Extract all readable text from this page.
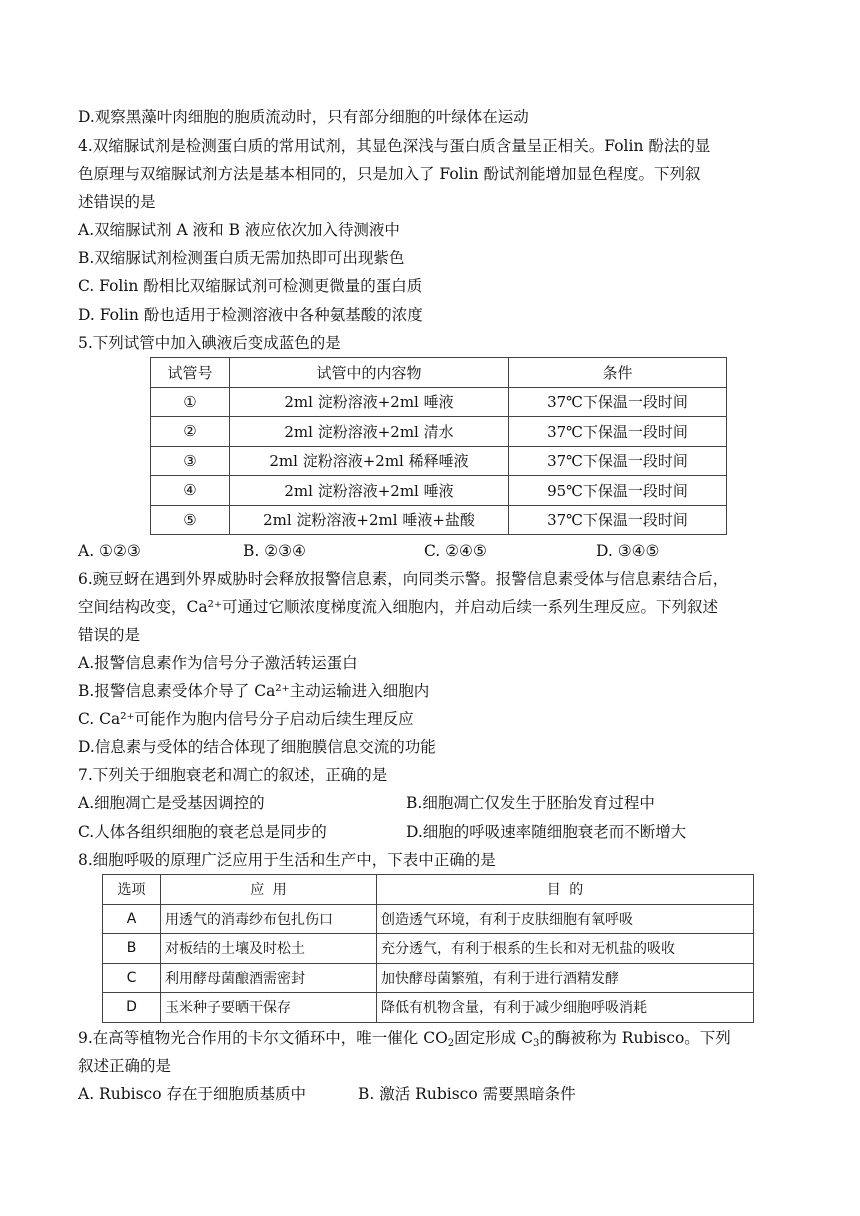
D.观察黑藻叶肉细胞的胞质流动时，只有部分细胞的叶绿体在运动
4.双缩脲试剂是检测蛋白质的常用试剂，其显色深浅与蛋白质含量呈正相关。Folin 酚法的显
色原理与双缩脲试剂方法是基本相同的，只是加入了 Folin 酚试剂能增加显色程度。下列叙
述错误的是
A.双缩脲试剂 A 液和 B 液应依次加入待测液中
B.双缩脲试剂检测蛋白质无需加热即可出现紫色
C. Folin 酚相比双缩脲试剂可检测更微量的蛋白质
D. Folin 酚也适用于检测溶液中各种氨基酸的浓度
5.下列试管中加入碘液后变成蓝色的是
试管号	试管中的内容物	条件
①	2ml 淀粉溶液+2ml 唾液	37℃下保温一段时间
②	2ml 淀粉溶液+2ml 清水	37℃下保温一段时间
③	2ml 淀粉溶液+2ml 稀释唾液	37℃下保温一段时间
④	2ml 淀粉溶液+2ml 唾液	95℃下保温一段时间
⑤	2ml 淀粉溶液+2ml 唾液+盐酸	37℃下保温一段时间
A. ①②③	B. ②③④	C. ②④⑤	D. ③④⑤
6.豌豆蚜在遇到外界威胁时会释放报警信息素，向同类示警。报警信息素受体与信息素结合后，
空间结构改变，Ca²⁺可通过它顺浓度梯度流入细胞内，并启动后续一系列生理反应。下列叙述
错误的是
A.报警信息素作为信号分子激活转运蛋白
B.报警信息素受体介导了 Ca²⁺主动运输进入细胞内
C. Ca²⁺可能作为胞内信号分子启动后续生理反应
D.信息素与受体的结合体现了细胞膜信息交流的功能
7.下列关于细胞衰老和凋亡的叙述，正确的是
A.细胞凋亡是受基因调控的	B.细胞凋亡仅发生于胚胎发育过程中
C.人体各组织细胞的衰老总是同步的	D.细胞的呼吸速率随细胞衰老而不断增大
8.细胞呼吸的原理广泛应用于生活和生产中，下表中正确的是
选项	应 用	目 的
A	用透气的消毒纱布包扎伤口	创造透气环境，有利于皮肤细胞有氧呼吸
B	对板结的土壤及时松土	充分透气，有利于根系的生长和对无机盐的吸收
C	利用酵母菌酿酒需密封	加快酵母菌繁殖，有利于进行酒精发酵
D	玉米种子要晒干保存	降低有机物含量，有利于减少细胞呼吸消耗
9.在高等植物光合作用的卡尔文循环中，唯一催化 $CO_2$固定形成 $C_3$的酶被称为 Rubisco。下列
叙述正确的是
A. Rubisco 存在于细胞质基质中	B. 激活 Rubisco 需要黑暗条件
